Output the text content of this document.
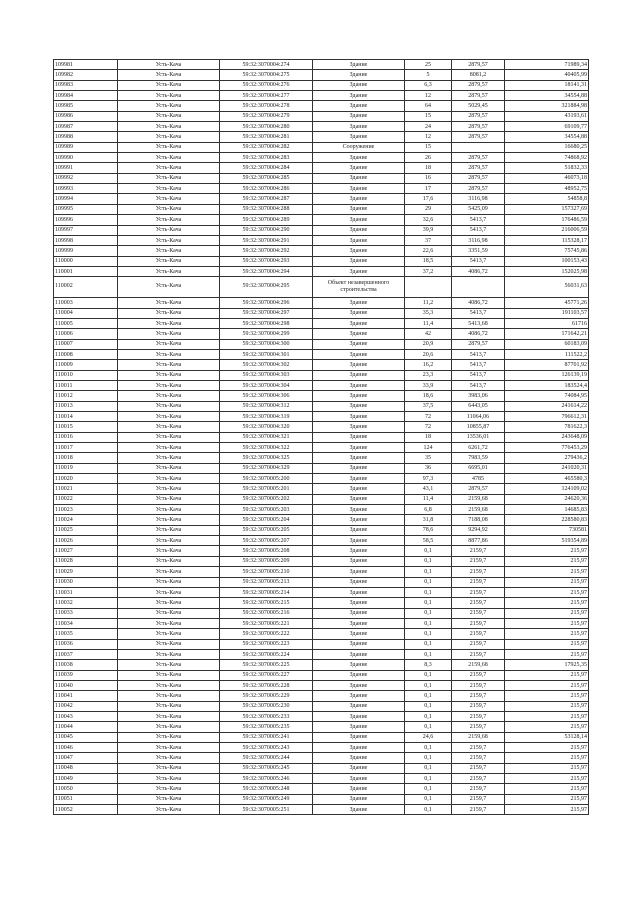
109981	Усть-Кача	59:32:3070004:274	Здание	25	2879,57	71989,34
109982	Усть-Кача	59:32:3070004:275	Здание	5	8081,2	40405,99
109983	Усть-Кача	59:32:3070004:276	Здание	6,3	2879,57	18141,31
109984	Усть-Кача	59:32:3070004:277	Здание	12	2879,57	34554,88
109985	Усть-Кача	59:32:3070004:278	Здание	64	5029,45	321884,98
109986	Усть-Кача	59:32:3070004:279	Здание	15	2879,57	43193,61
109987	Усть-Кача	59:32:3070004:280	Здание	24	2879,57	69109,77
109988	Усть-Кача	59:32:3070004:281	Здание	12	2879,57	34554,88
109989	Усть-Кача	59:32:3070004:282	Сооружение	15		16680,25
109990	Усть-Кача	59:32:3070004:283	Здание	26	2879,57	74868,92
109991	Усть-Кача	59:32:3070004:284	Здание	18	2879,57	51832,33
109992	Усть-Кача	59:32:3070004:285	Здание	16	2879,57	46073,18
109993	Усть-Кача	59:32:3070004:286	Здание	17	2879,57	48952,75
109994	Усть-Кача	59:32:3070004:287	Здание	17,6	3116,98	54858,8
109995	Усть-Кача	59:32:3070004:288	Здание	29	5425,09	157327,69
109996	Усть-Кача	59:32:3070004:289	Здание	32,6	5413,7	176486,59
109997	Усть-Кача	59:32:3070004:290	Здание	39,9	5413,7	216006,59
109998	Усть-Кача	59:32:3070004:291	Здание	37	3116,98	115328,17
109999	Усть-Кача	59:32:3070004:292	Здание	22,6	3351,59	75745,86
110000	Усть-Кача	59:32:3070004:293	Здание	18,5	5413,7	100153,43
110001	Усть-Кача	59:32:3070004:294	Здание	37,2	4086,72	152025,98
110002	Усть-Кача	59:32:3070004:295	Объект незавершенного строительства			56031,63
110003	Усть-Кача	59:32:3070004:296	Здание	11,2	4086,72	45771,26
110004	Усть-Кача	59:32:3070004:297	Здание	35,3	5413,7	191103,57
110005	Усть-Кача	59:32:3070004:298	Здание	11,4	5413,68	61716
110006	Усть-Кача	59:32:3070004:299	Здание	42	4086,72	171642,21
110007	Усть-Кача	59:32:3070004:300	Здание	20,9	2879,57	60183,09
110008	Усть-Кача	59:32:3070004:301	Здание	20,6	5413,7	111522,2
110009	Усть-Кача	59:32:3070004:302	Здание	16,2	5413,7	87701,92
110010	Усть-Кача	59:32:3070004:303	Здание	23,3	5413,7	126139,19
110011	Усть-Кача	59:32:3070004:304	Здание	33,9	5413,7	183524,4
110012	Усть-Кача	59:32:3070004:306	Здание	18,6	3983,06	74084,95
110013	Усть-Кача	59:32:3070004:312	Здание	37,5	6443,05	241614,22
110014	Усть-Кача	59:32:3070004:319	Здание	72	11064,06	796612,31
110015	Усть-Кача	59:32:3070004:320	Здание	72	10855,87	781622,3
110016	Усть-Кача	59:32:3070004:321	Здание	18	13536,01	243648,09
110017	Усть-Кача	59:32:3070004:322	Здание	124	6261,72	776453,29
110018	Усть-Кача	59:32:3070004:325	Здание	35	7983,59	279436,2
110019	Усть-Кача	59:32:3070004:329	Здание	36	6695,01	241020,31
110020	Усть-Кача	59:32:3070005:200	Здание	97,3	4785	465580,3
110021	Усть-Кача	59:32:3070005:201	Здание	43,1	2879,57	124109,02
110022	Усть-Кача	59:32:3070005:202	Здание	11,4	2159,68	24620,36
110023	Усть-Кача	59:32:3070005:203	Здание	6,8	2159,68	14685,83
110024	Усть-Кача	59:32:3070005:204	Здание	31,8	7188,08	228580,83
110025	Усть-Кача	59:32:3070005:205	Здание	78,6	9294,92	730581
110026	Усть-Кача	59:32:3070005:207	Здание	58,5	8877,86	519354,89
110027	Усть-Кача	59:32:3070005:208	Здание	0,1	2159,7	215,97
110028	Усть-Кача	59:32:3070005:209	Здание	0,1	2159,7	215,97
110029	Усть-Кача	59:32:3070005:210	Здание	0,1	2159,7	215,97
110030	Усть-Кача	59:32:3070005:213	Здание	0,1	2159,7	215,97
110031	Усть-Кача	59:32:3070005:214	Здание	0,1	2159,7	215,97
110032	Усть-Кача	59:32:3070005:215	Здание	0,1	2159,7	215,97
110033	Усть-Кача	59:32:3070005:216	Здание	0,1	2159,7	215,97
110034	Усть-Кача	59:32:3070005:221	Здание	0,1	2159,7	215,97
110035	Усть-Кача	59:32:3070005:222	Здание	0,1	2159,7	215,97
110036	Усть-Кача	59:32:3070005:223	Здание	0,1	2159,7	215,97
110037	Усть-Кача	59:32:3070005:224	Здание	0,1	2159,7	215,97
110038	Усть-Кача	59:32:3070005:225	Здание	8,3	2159,68	17925,35
110039	Усть-Кача	59:32:3070005:227	Здание	0,1	2159,7	215,97
110040	Усть-Кача	59:32:3070005:228	Здание	0,1	2159,7	215,97
110041	Усть-Кача	59:32:3070005:229	Здание	0,1	2159,7	215,97
110042	Усть-Кача	59:32:3070005:230	Здание	0,1	2159,7	215,97
110043	Усть-Кача	59:32:3070005:233	Здание	0,1	2159,7	215,97
110044	Усть-Кача	59:32:3070005:235	Здание	0,1	2159,7	215,97
110045	Усть-Кача	59:32:3070005:241	Здание	24,6	2159,68	53128,14
110046	Усть-Кача	59:32:3070005:243	Здание	0,1	2159,7	215,97
110047	Усть-Кача	59:32:3070005:244	Здание	0,1	2159,7	215,97
110048	Усть-Кача	59:32:3070005:245	Здание	0,1	2159,7	215,97
110049	Усть-Кача	59:32:3070005:246	Здание	0,1	2159,7	215,97
110050	Усть-Кача	59:32:3070005:248	Здание	0,1	2159,7	215,97
110051	Усть-Кача	59:32:3070005:249	Здание	0,1	2159,7	215,97
110052	Усть-Кача	59:32:3070005:251	Здание	0,1	2159,7	215,97
